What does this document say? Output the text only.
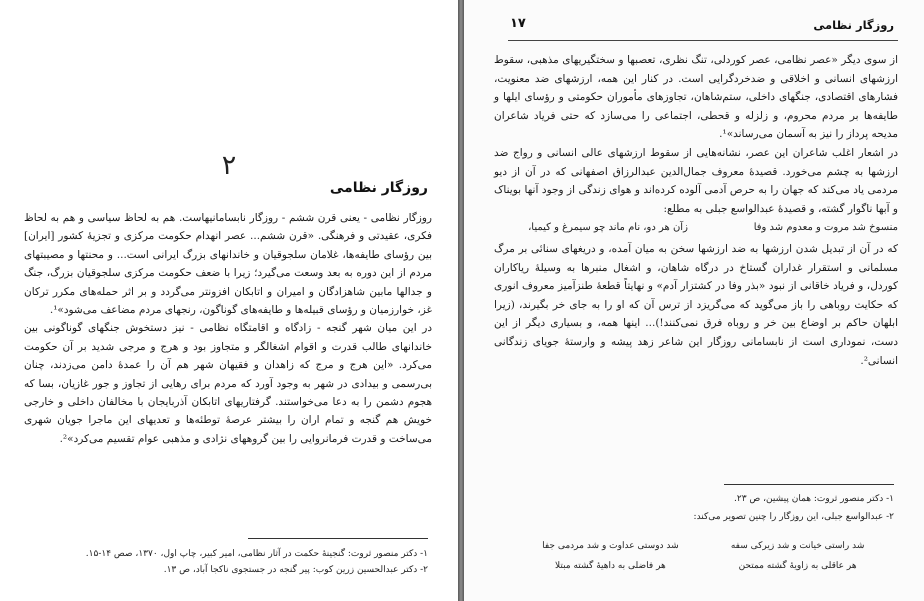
۲
روزگار نظامی

روزگار نظامی - یعنی قرن ششم - روزگار نابسامانیهاست. هم به لحاظ سیاسی و هم به لحاظ فکری، عقیدتی و فرهنگی. «قرن ششم... عصر انهدام حکومت مرکزی و تجزیهٔ کشور [ایران] بین رؤسای طایفه‌ها، غلامان سلجوقیان و خاندانهای بزرگ ایرانی است... و محنتها و مصیبتهای مردم از این دوره به بعد وسعت می‌گیرد؛ زیرا با ضعف حکومت مرکزی سلجوقیان بزرگ، جنگ و جدالها مابین شاهزادگان و امیران و اتابکان افزونتر می‌گردد و بر اثر حمله‌های مکرر ترکان غز، خوارزمیان و رؤسای قبیله‌ها و طایفه‌های گوناگون، رنجهای مردم مضاعف می‌شود»¹.

در این میان شهر گنجه - زادگاه و اقامتگاه نظامی - نیز دستخوش جنگهای گوناگونی بین خاندانهای طالب قدرت و اقوام اشغالگر و متجاوز بود و هرج و مرجی شدید بر آن حکومت می‌کرد. «این هرج و مرج که زاهدان و فقیهان شهر هم آن را عمدهٔ دامن می‌زدند، چنان بی‌رسمی و بیدادی در شهر به وجود آورد که مردم برای رهایی از تجاوز و جور غازیان، بسا که هجوم دشمن را به دعا می‌خواستند. گرفتاریهای اتابکان آذربایجان با مخالفان داخلی و خارجی خویش هم گنجه و تمام اران را بیشتر عرصهٔ توطئه‌ها و تعدیهای این ماجرا جویان شهری می‌ساخت و قدرت فرمانروایی را بین گروههای نژادی و مذهبی عوام تقسیم می‌کرد»².

۱- دکتر منصور ثروت: گنجینهٔ حکمت در آثار نظامی، امیر کبیر، چاپ اول، ۱۳۷۰، صص ۱۴-۱۵.
۲- دکتر عبدالحسین زرین کوب: پیر گنجه در جستجوی ناکجا آباد، ص ۱۳.
روزگار نظامی
۱۷

از سوی دیگر «عصر نظامی، عصر کوردلی، تنگ نظری، تعصبها و سختگیریهای مذهبی، سقوط ارزشهای انسانی و اخلاقی و ضدخردگرایی است. در کنار این همه، ارزشهای ضد معنویت، فشارهای اقتصادی، جنگهای داخلی، ستم‌شاهان، تجاوزهای مأموران حکومتی و رؤسای ایلها و طایفه‌ها بر مردم محروم، و زلزله و قحطی، اجتماعی را می‌سازد که حتی فریاد شاعران مدیحه پرداز را نیز به آسمان می‌رساند»¹.

در اشعار اغلب شاعران این عصر، نشانه‌هایی از سقوط ارزشهای عالی انسانی و رواج ضد ارزشها به چشم می‌خورد. قصیدهٔ معروف جمال‌الدین عبدالرزاق اصفهانی که در آن از دیو مردمی یاد می‌کند که جهان را به حرص آدمی آلوده کرده‌اند و هوای زندگی از وجود آنها بویناک و آبها ناگوار گشته، و قصیدهٔ عبدالواسع جبلی به مطلع:

منسوخ شد مروت و معدوم شد وفا
زآن هر دو، نام ماند چو سیمرغ و کیمیا،

که در آن از تبدیل شدن ارزشها به ضد ارزشها سخن به میان آمده، و دریغهای سنائی بر مرگ مسلمانی و استقرار غداران گستاخ در درگاه شاهان، و اشغال منبرها به وسیلهٔ ریاکاران کوردل، و فریاد خاقانی از نبود «بذر وفا در کشتزار آدم» و نهایتاً قطعهٔ طنزآمیز معروف انوری که حکایت روباهی را باز می‌گوید که می‌گریزد از ترس آن که او را به جای خر بگیرند، (زیرا ابلهان حاکم بر اوضاع بین خر و روباه فرق نمی‌کنند!)... اینها همه، و بسیاری دیگر از این دست، نموداری است از نابسامانی روزگار این شاعر زهد پیشه و وارستهٔ جویای زندگانی انسانی².

۱- دکتر منصور ثروت: همان پیشین، ص ۲۳.
۲- عبدالواسع جبلی، این روزگار را چنین تصویر می‌کند:
شد راستی خیانت و شد زیرکی سفه
شد دوستی عداوت و شد مردمی جفا
هر عاقلی به زاویهٔ گشته ممتحن
هر فاضلی به داهیهٔ گشته مبتلا
